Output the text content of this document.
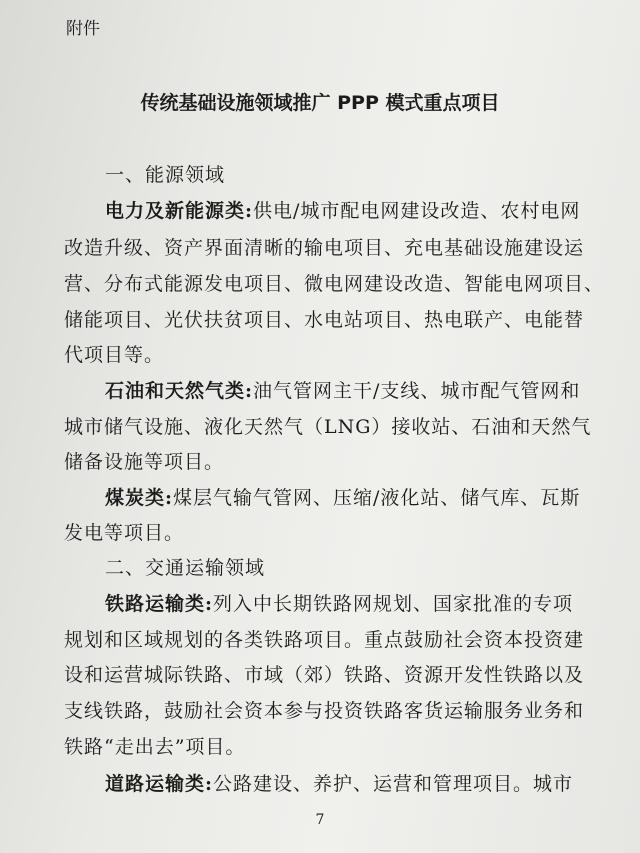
附件
传统基础设施领域推广 PPP 模式重点项目
一、能源领域
电力及新能源类:供电/城市配电网建设改造、农村电网
改造升级、资产界面清晰的输电项目、充电基础设施建设运
营、分布式能源发电项目、微电网建设改造、智能电网项目、
储能项目、光伏扶贫项目、水电站项目、热电联产、电能替
代项目等。
石油和天然气类:油气管网主干/支线、城市配气管网和
城市储气设施、液化天然气（LNG）接收站、石油和天然气
储备设施等项目。
煤炭类:煤层气输气管网、压缩/液化站、储气库、瓦斯
发电等项目。
二、交通运输领域
铁路运输类:列入中长期铁路网规划、国家批准的专项
规划和区域规划的各类铁路项目。重点鼓励社会资本投资建
设和运营城际铁路、市域（郊）铁路、资源开发性铁路以及
支线铁路，鼓励社会资本参与投资铁路客货运输服务业务和
铁路“走出去”项目。
道路运输类:公路建设、养护、运营和管理项目。城市
7
